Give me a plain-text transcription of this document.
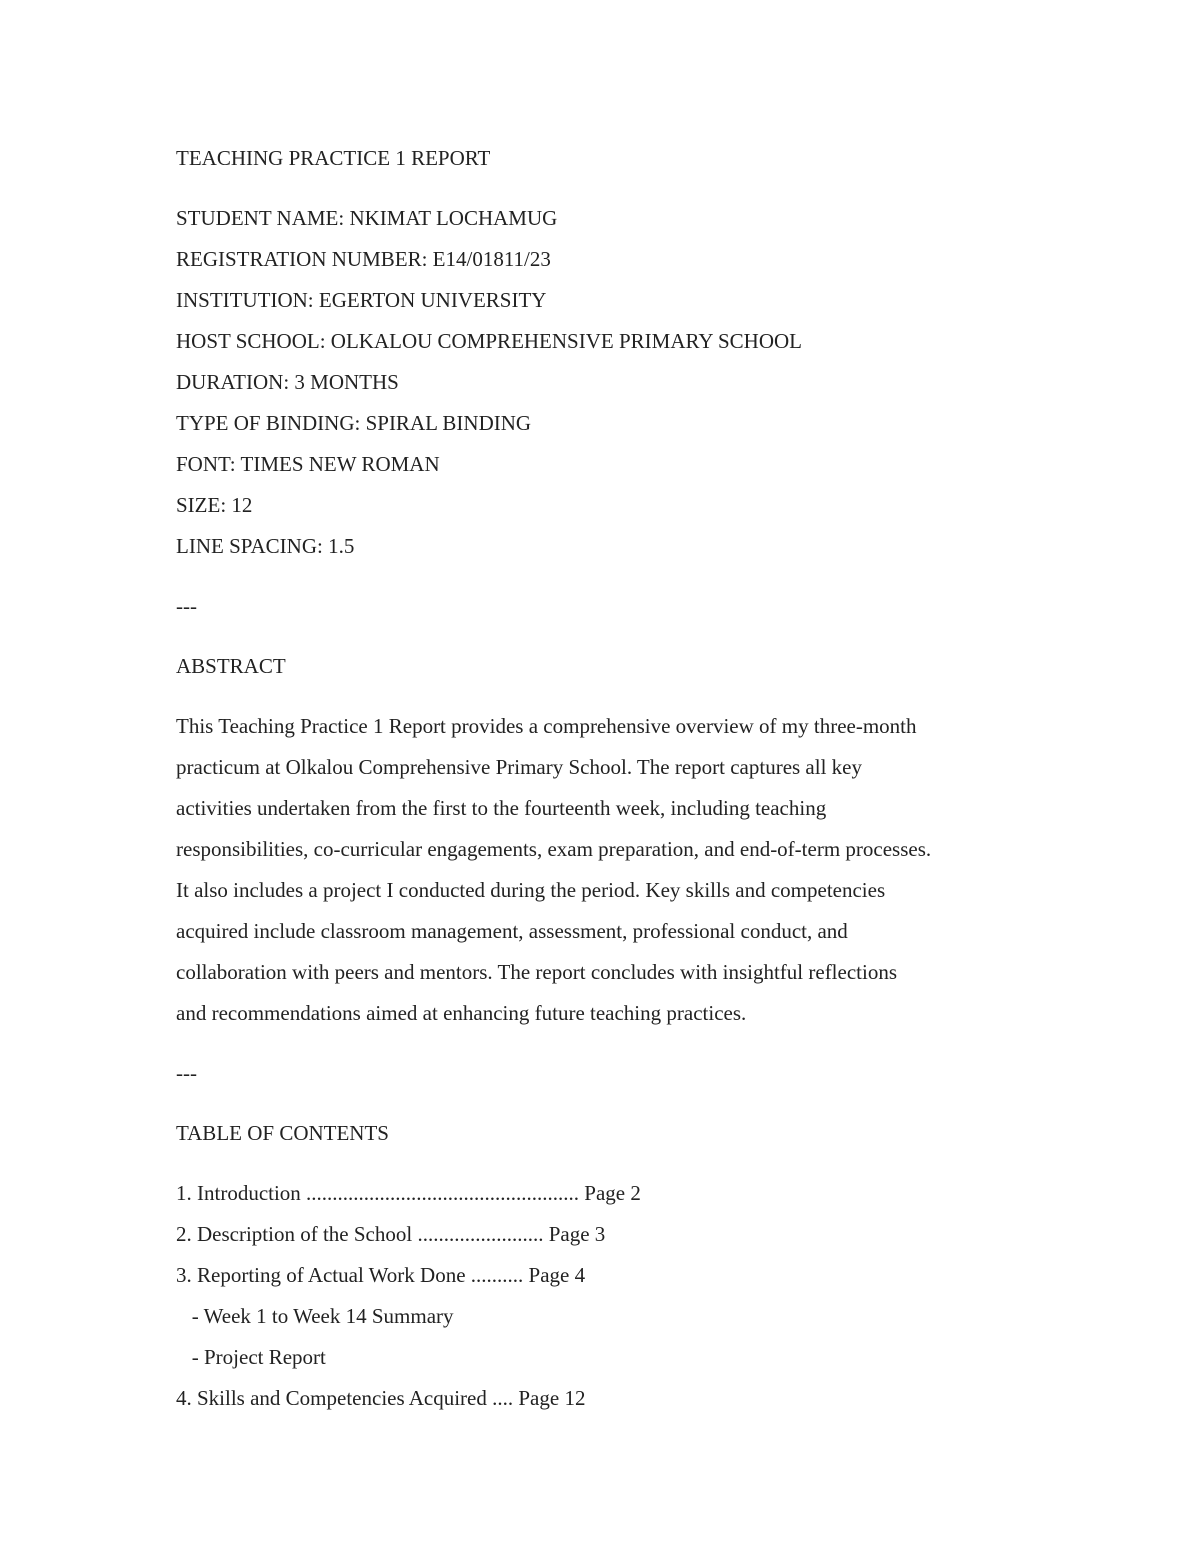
TEACHING PRACTICE 1 REPORT
STUDENT NAME: NKIMAT LOCHAMUG
REGISTRATION NUMBER: E14/01811/23
INSTITUTION: EGERTON UNIVERSITY
HOST SCHOOL: OLKALOU COMPREHENSIVE PRIMARY SCHOOL
DURATION: 3 MONTHS
TYPE OF BINDING: SPIRAL BINDING
FONT: TIMES NEW ROMAN
SIZE: 12
LINE SPACING: 1.5
---
ABSTRACT
This Teaching Practice 1 Report provides a comprehensive overview of my three-month
practicum at Olkalou Comprehensive Primary School. The report captures all key
activities undertaken from the first to the fourteenth week, including teaching
responsibilities, co-curricular engagements, exam preparation, and end-of-term processes.
It also includes a project I conducted during the period. Key skills and competencies
acquired include classroom management, assessment, professional conduct, and
collaboration with peers and mentors. The report concludes with insightful reflections
and recommendations aimed at enhancing future teaching practices.
---
TABLE OF CONTENTS
1. Introduction .................................................... Page 2
2. Description of the School ........................ Page 3
3. Reporting of Actual Work Done .......... Page 4
- Week 1 to Week 14 Summary
- Project Report
4. Skills and Competencies Acquired .... Page 12
